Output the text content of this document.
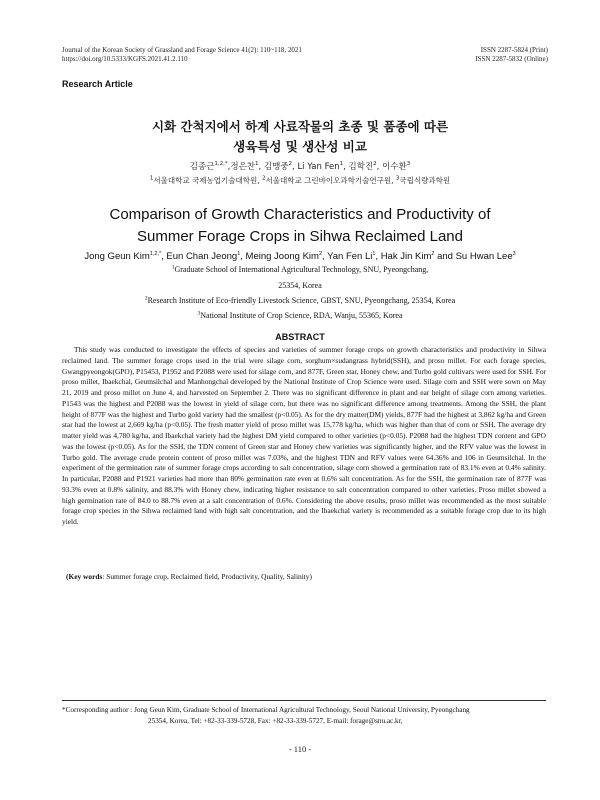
Journal of the Korean Society of Grassland and Forage Science 41(2): 110~118, 2021
https://doi.org/10.5333/KGFS.2021.41.2.110
ISSN 2287-5824 (Print)
ISSN 2287-5832 (Online)
Research Article
시화 간척지에서 하계 사료작물의 초종 및 품종에 따른
생육특성 및 생산성 비교
김종근$^{1,2,*}$,정은찬$^1$, 김맹중$^2$, Li Yan Fen$^1$, 김학진$^2$, 이수환$^3$
$^1$서울대학교 국제농업기술대학원, $^2$서울대학교 그린바이오과학기술연구원, $^3$국립식량과학원
Comparison of Growth Characteristics and Productivity of
Summer Forage Crops in Sihwa Reclaimed Land
Jong Geun Kim$^{1,2,*}$, Eun Chan Jeong$^1$, Meing Joong Kim$^2$, Yan Fen Li$^1$, Hak Jin Kim$^2$ and Su Hwan Lee$^3$
$^1$Graduate School of International Agricultural Technology, SNU, Pyeongchang,
25354, Korea
$^2$Research Institute of Eco-friendly Livestock Science, GBST, SNU, Pyeongchang, 25354, Korea
$^3$National Institute of Crop Science, RDA, Wanju, 55365, Korea
ABSTRACT

This study was conducted to investigate the effects of species and varieties of summer forage crops on growth characteristics and productivity in Sihwa reclaimed land. The summer forage crops used in the trial were silage corn, sorghum×sudangrass hybrid(SSH), and proso millet. For each forage species, Gwangpyeongok(GPO), P15453, P1952 and P2088 were used for silage corn, and 877F, Green star, Honey chew, and Turbo gold cultivars were used for SSH. For proso millet, Ibaekchal, Geumsilchal and Manhongchal developed by the National Institute of Crop Science were used. Silage corn and SSH were sown on May 21, 2019 and proso millet on June 4, and harvested on September 2. There was no significant difference in plant and ear height of silage corn among varieties. P1543 was the highest and P2088 was the lowest in yield of silage corn, but there was no significant difference among treatments. Among the SSH, the plant height of 877F was the highest and Turbo gold variety had the smallest (p<0.05). As for the dry matter(DM) yields, 877F had the highest at 3,862 kg/ha and Green star had the lowest at 2,669 kg/ha (p<0.05). The fresh matter yield of proso millet was 15,778 kg/ha, which was higher than that of corn or SSH, The average dry matter yield was 4,780 kg/ha, and Ibaekchal variety had the highest DM yield compared to other varieties (p<0.05). P2088 had the highest TDN content and GPO was the lowest (p<0.05). As for the SSH, the TDN content of Green star and Honey chew varieties was significantly higher, and the RFV value was the lowest in Turbo gold. The average crude protein content of proso millet was 7.03%, and the highest TDN and RFV values were 64.36% and 106 in Geumsilchal. In the experiment of the germination rate of summer forage crops according to salt concentration, silage corn showed a germination rate of 83.1% even at 0.4% salinity. In particular, P2088 and P1921 varieties had more than 80% germination rate even at 0.6% salt concentration. As for the SSH, the germination rate of 877F was 93.3% even at 0.8% salinity, and 88.3% with Honey chew, indicating higher resistance to salt concentration compared to other varieties. Proso millet showed a high germination rate of 84.0 to 88.7% even at a salt concentration of 0.6%. Considering the above results, proso millet was recommended as the most suitable forage crop species in the Sihwa reclaimed land with high salt concentration, and the Ibaekchal variety is recommended as a suitable forage crop due to its high yield.

(Key words: Summer forage crop, Reclaimed field, Productivity, Quality, Salinity)
*Corresponding author : Jong Geun Kim, Graduate School of International Agricultural Technology, Seoul National University, Pyeongchang
25354, Korea, Tel: +82-33-339-5728, Fax: +82-33-339-5727, E-mail: forage@snu.ac.kr,
- 110 -
